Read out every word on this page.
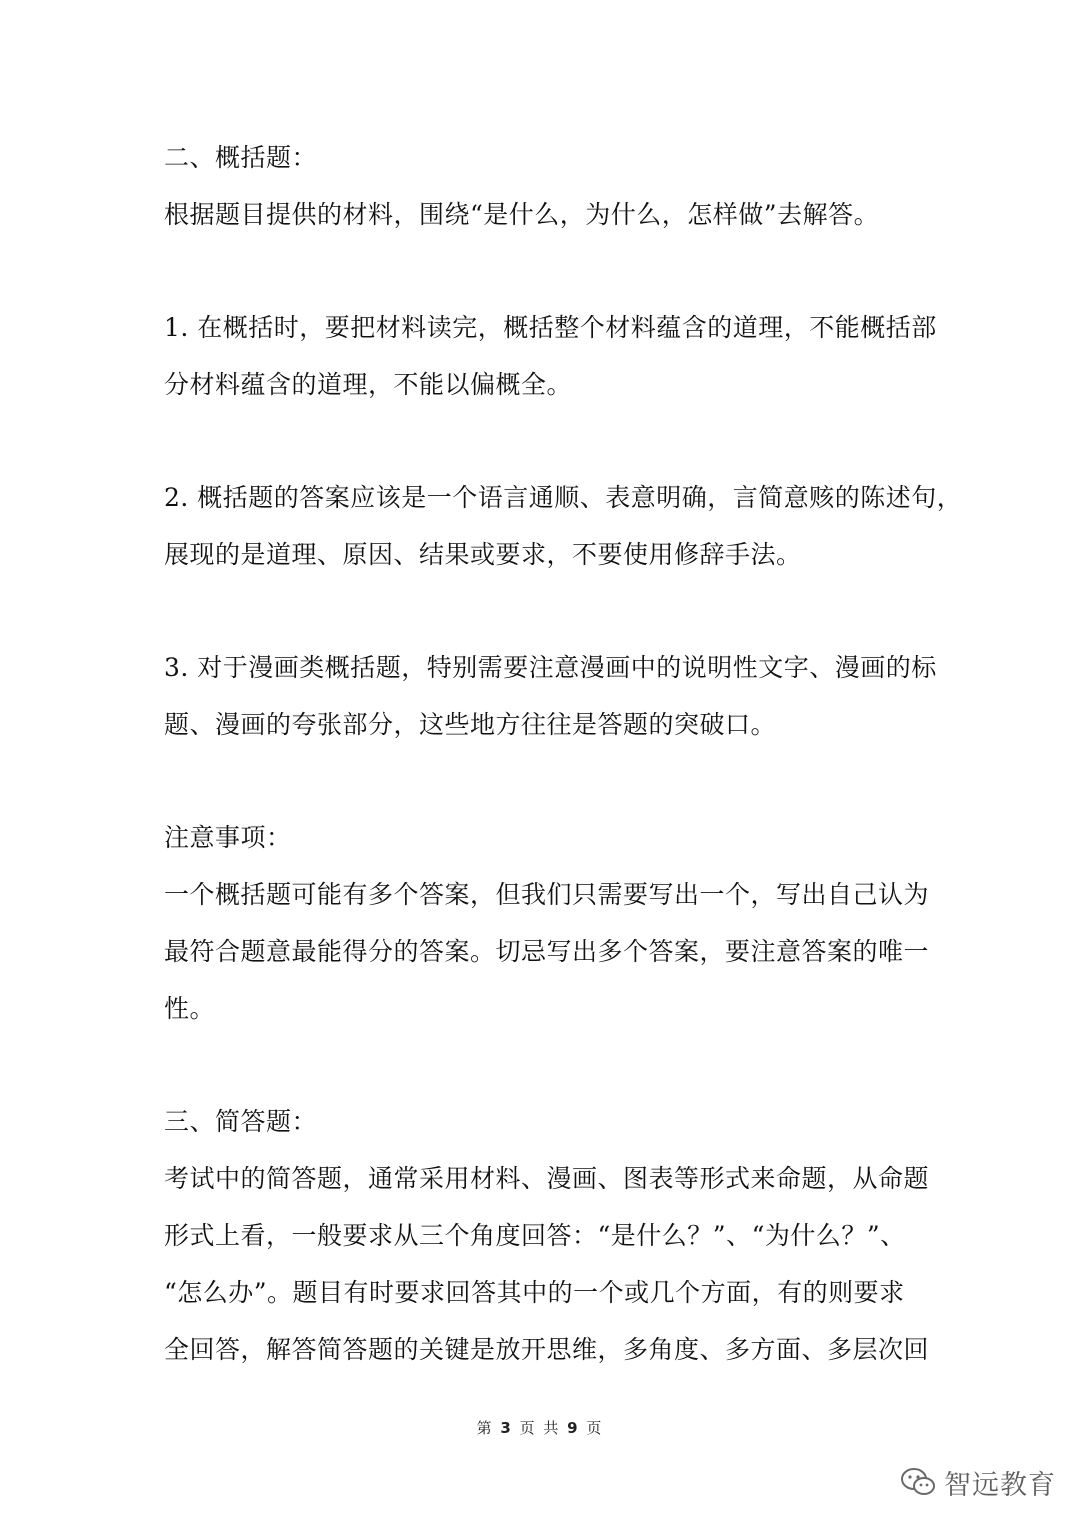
二、概括题：
根据题目提供的材料，围绕“是什么，为什么，怎样做”去解答。
1. 在概括时，要把材料读完，概括整个材料蕴含的道理，不能概括部
分材料蕴含的道理，不能以偏概全。
2. 概括题的答案应该是一个语言通顺、表意明确，言简意赅的陈述句，
展现的是道理、原因、结果或要求，不要使用修辞手法。
3. 对于漫画类概括题，特别需要注意漫画中的说明性文字、漫画的标
题、漫画的夸张部分，这些地方往往是答题的突破口。
注意事项：
一个概括题可能有多个答案，但我们只需要写出一个，写出自己认为
最符合题意最能得分的答案。切忌写出多个答案，要注意答案的唯一
性。
三、简答题：
考试中的简答题，通常采用材料、漫画、图表等形式来命题，从命题
形式上看，一般要求从三个角度回答：“是什么？”、“为什么？”、
“怎么办”。题目有时要求回答其中的一个或几个方面，有的则要求
全回答，解答简答题的关键是放开思维，多角度、多方面、多层次回
第 3 页 共 9 页
智远教育
